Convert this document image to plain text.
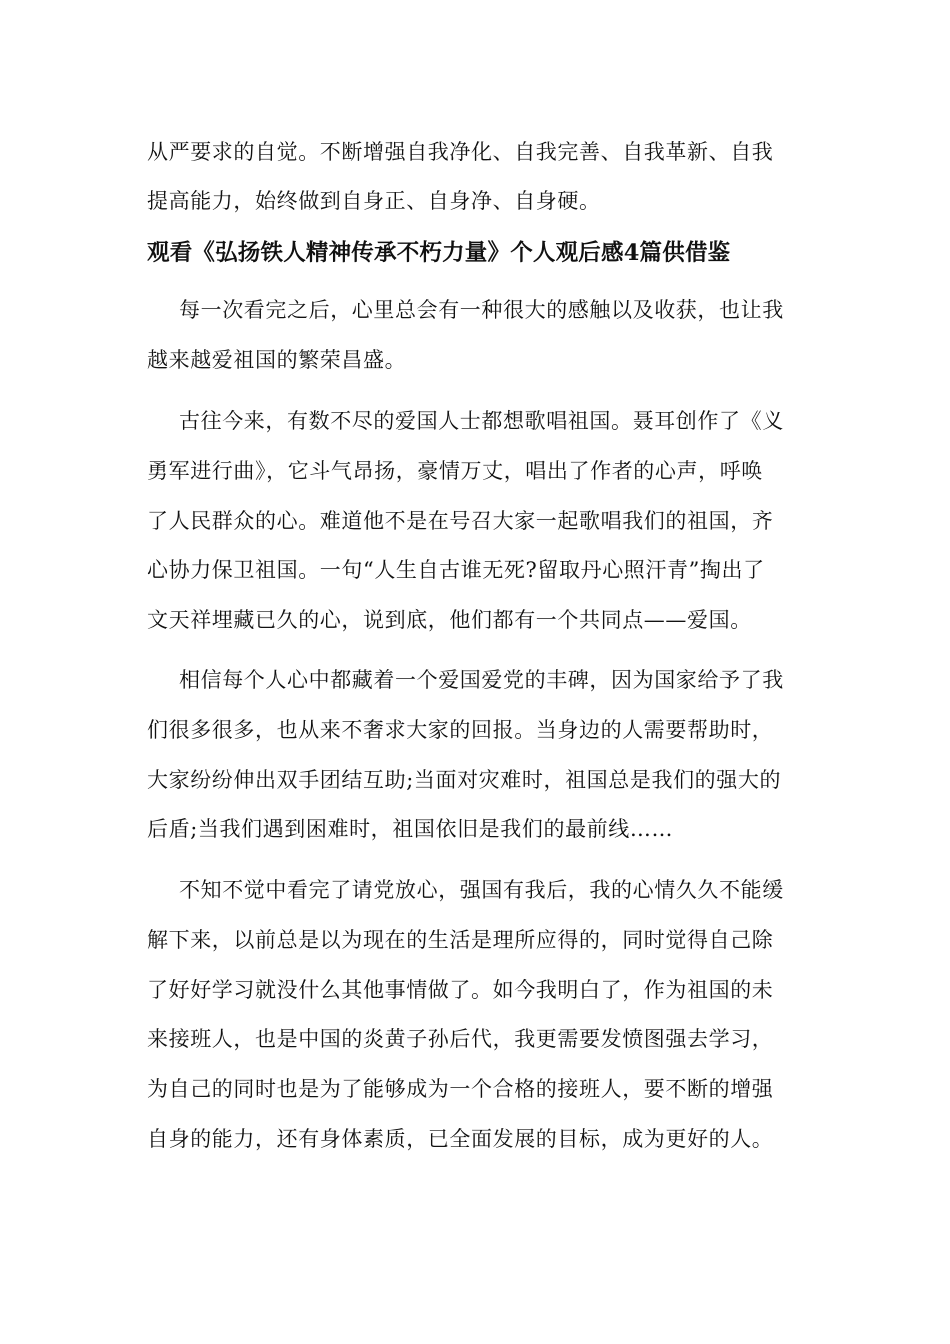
从严要求的自觉。不断增强自我净化、自我完善、自我革新、自我
提高能力，始终做到自身正、自身净、自身硬。
观看《弘扬铁人精神传承不朽力量》个人观后感4篇供借鉴
每一次看完之后，心里总会有一种很大的感触以及收获，也让我
越来越爱祖国的繁荣昌盛。
古往今来，有数不尽的爱国人士都想歌唱祖国。聂耳创作了《义
勇军进行曲》，它斗气昂扬，豪情万丈，唱出了作者的心声，呼唤
了人民群众的心。难道他不是在号召大家一起歌唱我们的祖国，齐
心协力保卫祖国。一句“人生自古谁无死?留取丹心照汗青”掏出了
文天祥埋藏已久的心，说到底，他们都有一个共同点——爱国。
相信每个人心中都藏着一个爱国爱党的丰碑，因为国家给予了我
们很多很多，也从来不奢求大家的回报。当身边的人需要帮助时，
大家纷纷伸出双手团结互助;当面对灾难时，祖国总是我们的强大的
后盾;当我们遇到困难时，祖国依旧是我们的最前线……
不知不觉中看完了请党放心，强国有我后，我的心情久久不能缓
解下来，以前总是以为现在的生活是理所应得的，同时觉得自己除
了好好学习就没什么其他事情做了。如今我明白了，作为祖国的未
来接班人，也是中国的炎黄子孙后代，我更需要发愤图强去学习，
为自己的同时也是为了能够成为一个合格的接班人，要不断的增强
自身的能力，还有身体素质，已全面发展的目标，成为更好的人。
